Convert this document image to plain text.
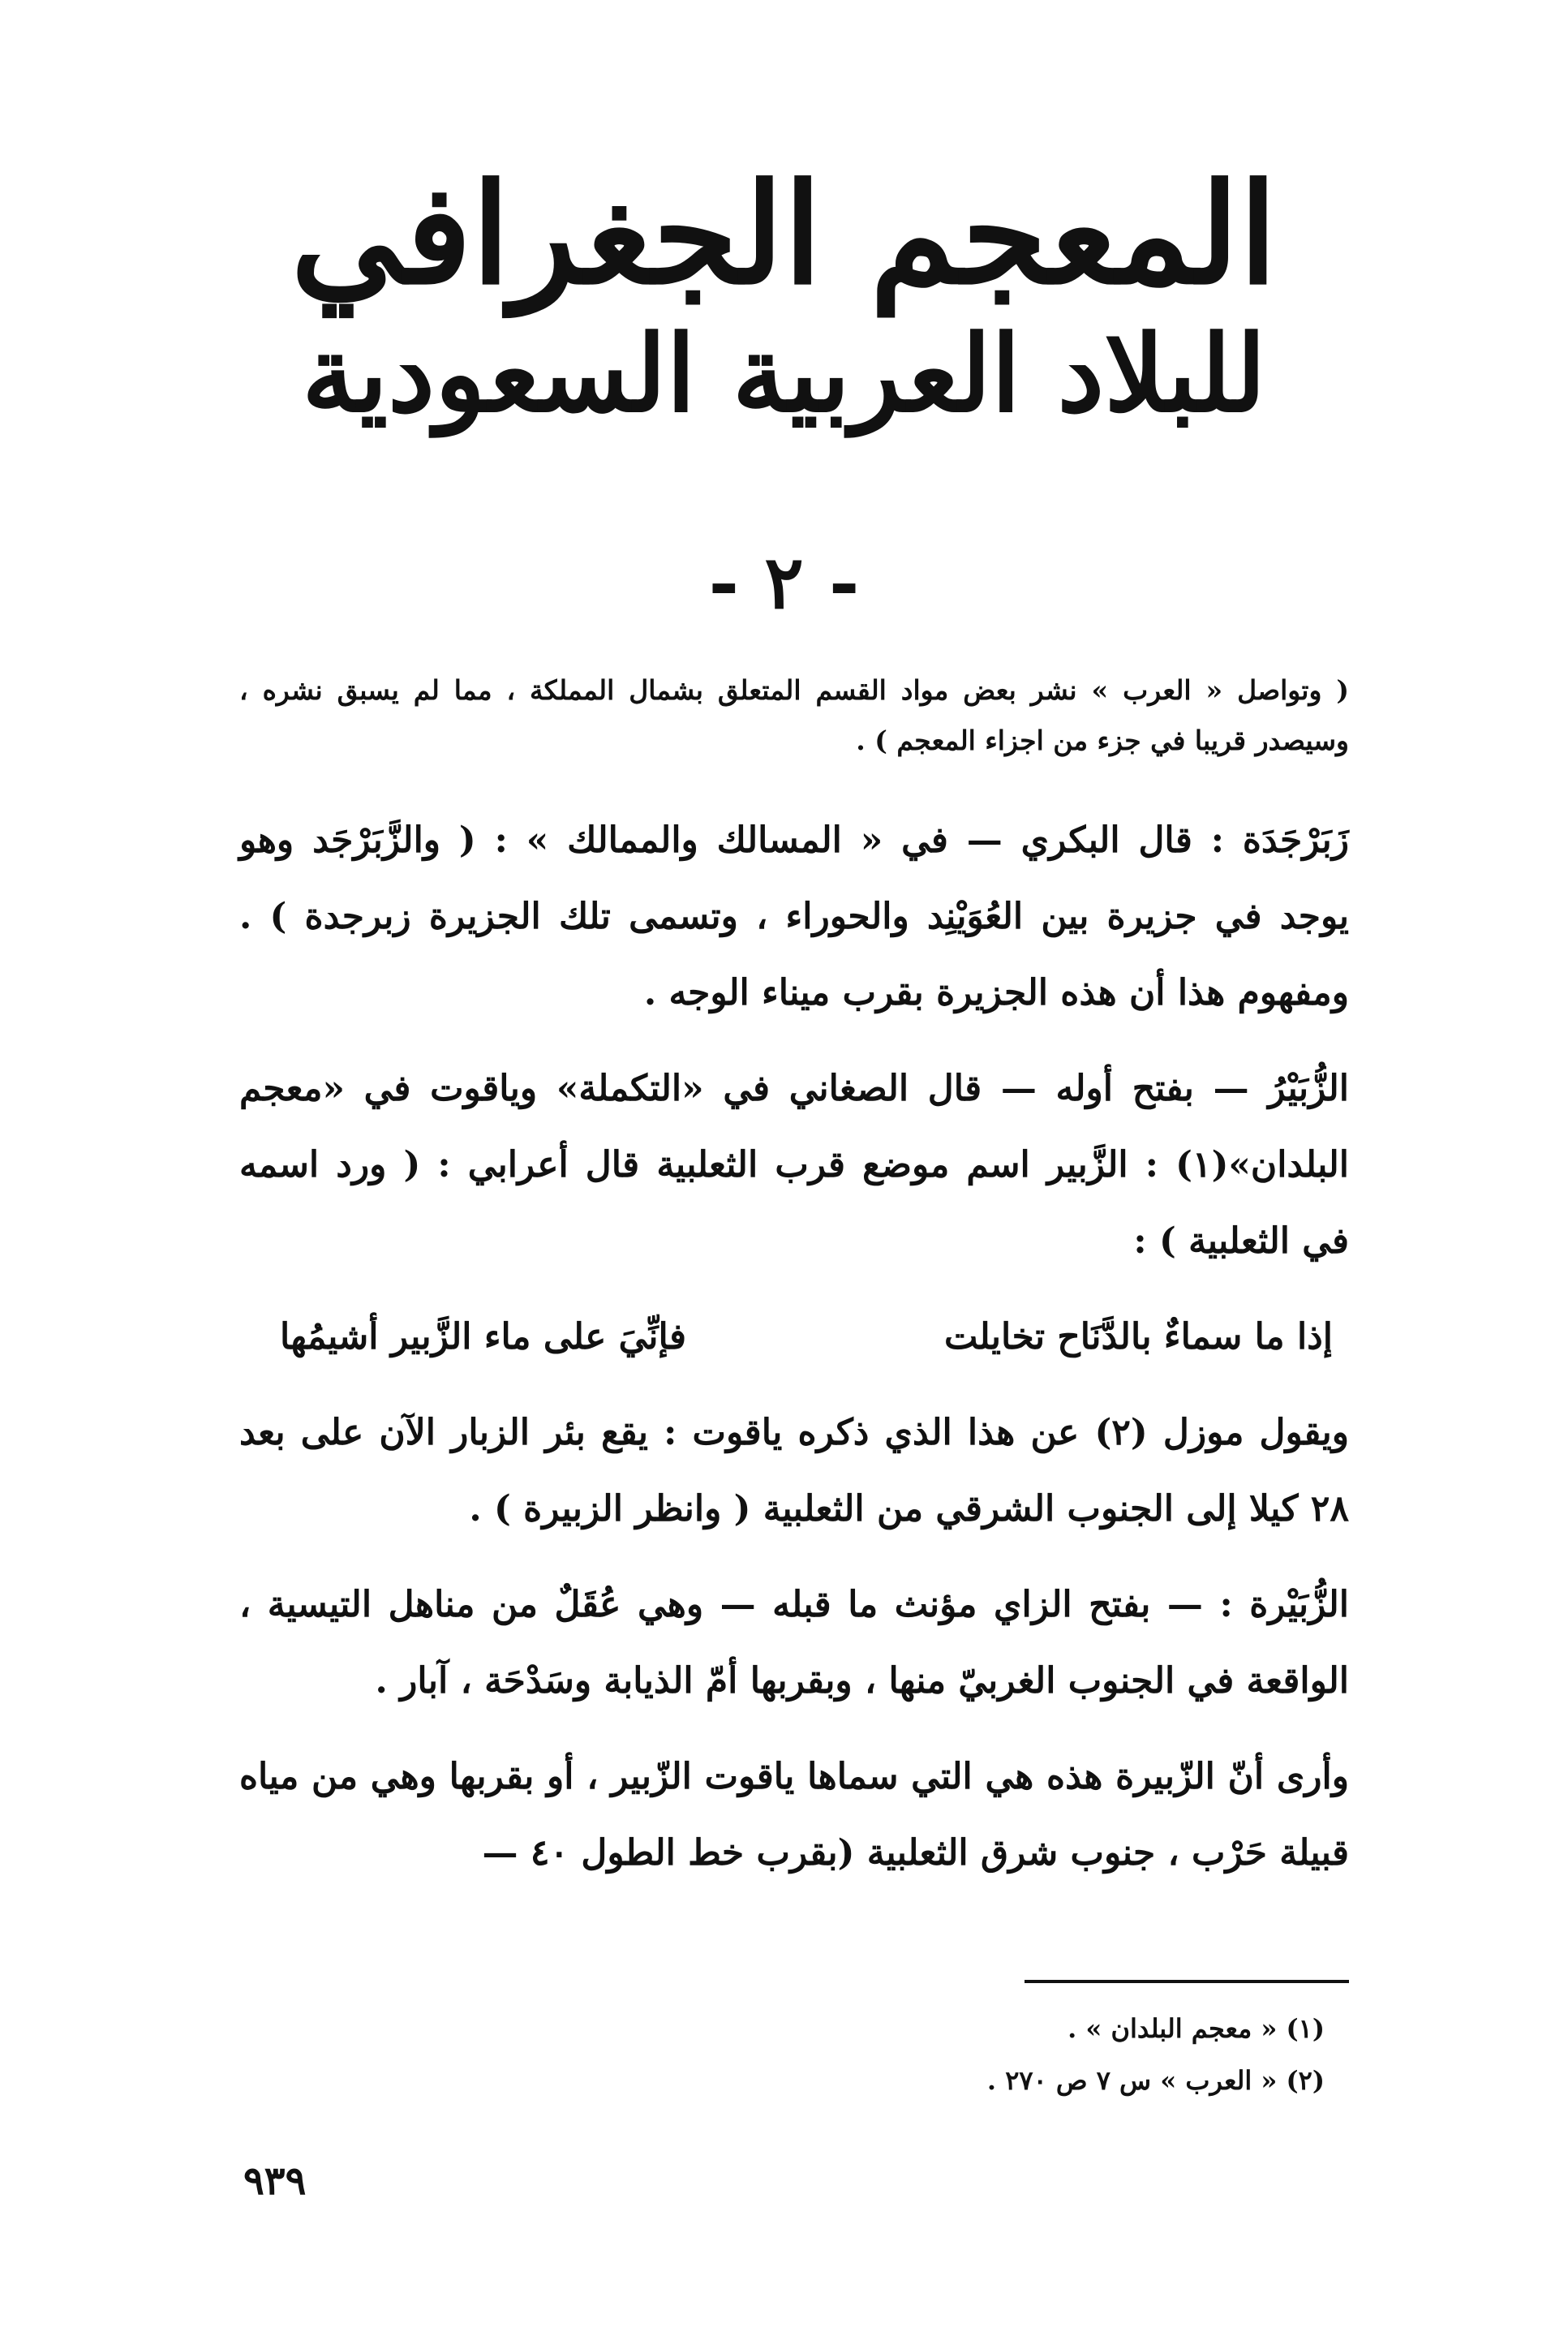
المعجم الجغرافي
للبلاد العربية السعودية
- ٢ -

( وتواصل « العرب » نشر بعض مواد القسم المتعلق بشمال المملكة ، مما لم يسبق نشره ، وسيصدر قريبا في جزء من اجزاء المعجم ) .

زَبَرْجَدَة : قال البكري — في « المسالك والممالك » : ( والزَّبَرْجَد وهو يوجد في جزيرة بين العُوَيْنِد والحوراء ، وتسمى تلك الجزيرة زبرجدة ) . ومفهوم هذا أن هذه الجزيرة بقرب ميناء الوجه .

الزُّبَيْرُ — بفتح أوله — قال الصغاني في «التكملة» وياقوت في «معجم البلدان»(١) : الزَّبير اسم موضع قرب الثعلبية قال أعرابي : ( ورد اسمه في الثعلبية ) :

إذا ما سماءٌ بالدَّنَاح تخايلت
فإنِّيَ على ماء الزَّبير أشيمُها

ويقول موزل (٢) عن هذا الذي ذكره ياقوت : يقع بئر الزبار الآن على بعد ٢٨ كيلا إلى الجنوب الشرقي من الثعلبية ( وانظر الزبيرة ) .

الزُّبَيْرة : — بفتح الزاي مؤنث ما قبله — وهي عُقَلٌ من مناهل التيسية ، الواقعة في الجنوب الغربيّ منها ، وبقربها أمّ الذيابة وسَدْحَة ، آبار .

وأرى أنّ الزّبيرة هذه هي التي سماها ياقوت الزّبير ، أو بقربها وهي من مياه قبيلة حَرْب ، جنوب شرق الثعلبية (بقرب خط الطول ٤٠ —

(١) « معجم البلدان » .
(٢) « العرب » س ٧ ص ٢٧٠ .
٩٣٩
